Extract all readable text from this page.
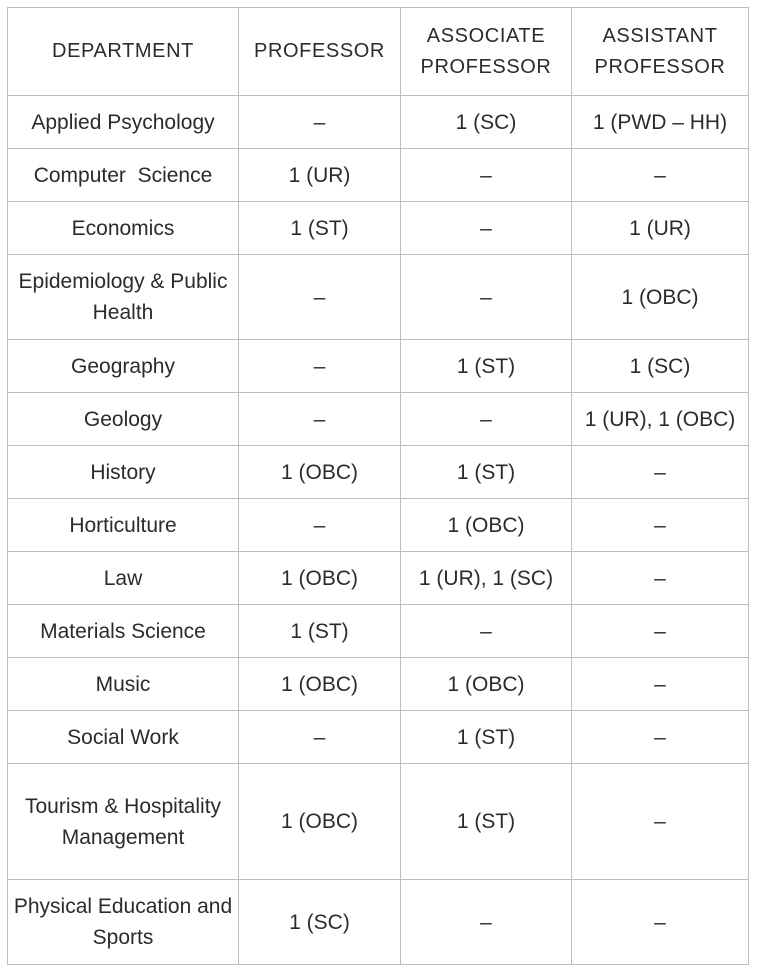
DEPARTMENT	PROFESSOR	ASSOCIATE PROFESSOR	ASSISTANT PROFESSOR
Applied Psychology	–	1 (SC)	1 (PWD – HH)
Computer  Science	1 (UR)	–	–
Economics	1 (ST)	–	1 (UR)
Epidemiology & Public Health	–	–	1 (OBC)
Geography	–	1 (ST)	1 (SC)
Geology	–	–	1 (UR), 1 (OBC)
History	1 (OBC)	1 (ST)	–
Horticulture	–	1 (OBC)	–
Law	1 (OBC)	1 (UR), 1 (SC)	–
Materials Science	1 (ST)	–	–
Music	1 (OBC)	1 (OBC)	–
Social Work	–	1 (ST)	–
Tourism & Hospitality Management	1 (OBC)	1 (ST)	–
Physical Education and Sports	1 (SC)	–	–
